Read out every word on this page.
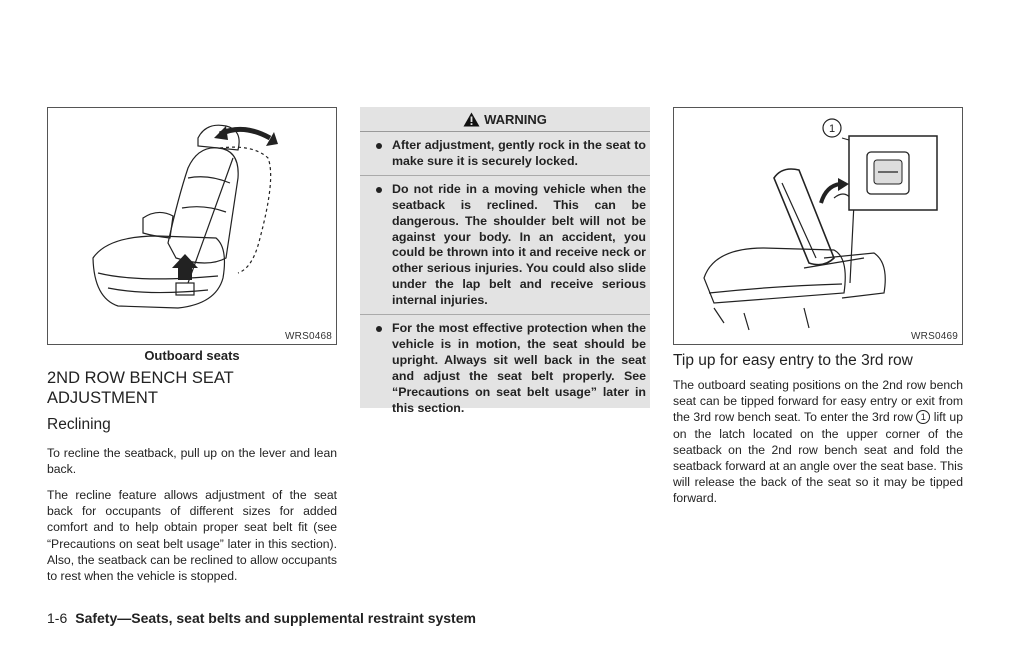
WRS0468
Outboard seats
2ND ROW BENCH SEAT
ADJUSTMENT
Reclining

To recline the seatback, pull up on the lever and lean back.

The recline feature allows adjustment of the seat back for occupants of different sizes for added comfort and to help obtain proper seat belt fit (see “Precautions on seat belt usage” later in this section). Also, the seatback can be reclined to allow occupants to rest when the vehicle is stopped.

WARNING
After adjustment, gently rock in the seat to make sure it is securely locked.
Do not ride in a moving vehicle when the seatback is reclined. This can be dangerous. The shoulder belt will not be against your body. In an accident, you could be thrown into it and receive neck or other serious injuries. You could also slide under the lap belt and receive serious internal injuries.
For the most effective protection when the vehicle is in motion, the seat should be upright. Always sit well back in the seat and adjust the seat belt properly. See “Precautions on seat belt usage” later in this section.
1
WRS0469
Tip up for easy entry to the 3rd row

The outboard seating positions on the 2nd row bench seat can be tipped forward for easy entry or exit from the 3rd row bench seat. To enter the 3rd row 1 lift up on the latch located on the upper corner of the seatback on the 2nd row bench seat and fold the seatback forward at an angle over the seat base. This will release the back of the seat so it may be tipped forward.

1-6 Safety—Seats, seat belts and supplemental restraint system
